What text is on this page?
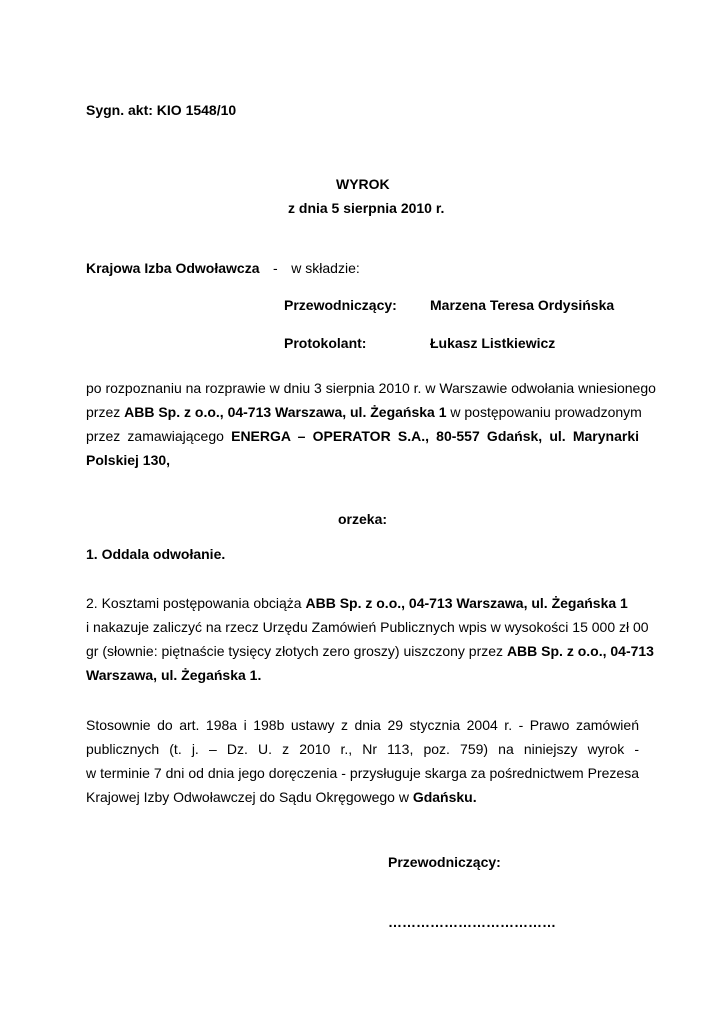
Sygn. akt: KIO 1548/10
WYROK
z dnia 5 sierpnia 2010 r.
Krajowa Izba Odwoławcza - w składzie:
Przewodniczący: Marzena Teresa Ordysińska
Protokolant:	Łukasz Listkiewicz
po rozpoznaniu na rozprawie w dniu 3 sierpnia 2010 r. w Warszawie odwołania wniesionego
przez ABB Sp. z o.o., 04-713 Warszawa, ul. Żegańska 1 w postępowaniu prowadzonym
przez zamawiającego ENERGA – OPERATOR S.A., 80-557 Gdańsk, ul. Marynarki
Polskiej 130,
orzeka:
1. Oddala odwołanie.
2. Kosztami postępowania obciąża ABB Sp. z o.o., 04-713 Warszawa, ul. Żegańska 1
i nakazuje zaliczyć na rzecz Urzędu Zamówień Publicznych wpis w wysokości 15 000 zł 00
gr (słownie: piętnaście tysięcy złotych zero groszy) uiszczony przez ABB Sp. z o.o., 04-713
Warszawa, ul. Żegańska 1.
Stosownie do art. 198a i 198b ustawy z dnia 29 stycznia 2004 r. - Prawo zamówień
publicznych (t. j. – Dz. U. z 2010 r., Nr 113, poz. 759) na niniejszy wyrok -
w terminie 7 dni od dnia jego doręczenia - przysługuje skarga za pośrednictwem Prezesa
Krajowej Izby Odwoławczej do Sądu Okręgowego w Gdańsku.
Przewodniczący:
………………………………
